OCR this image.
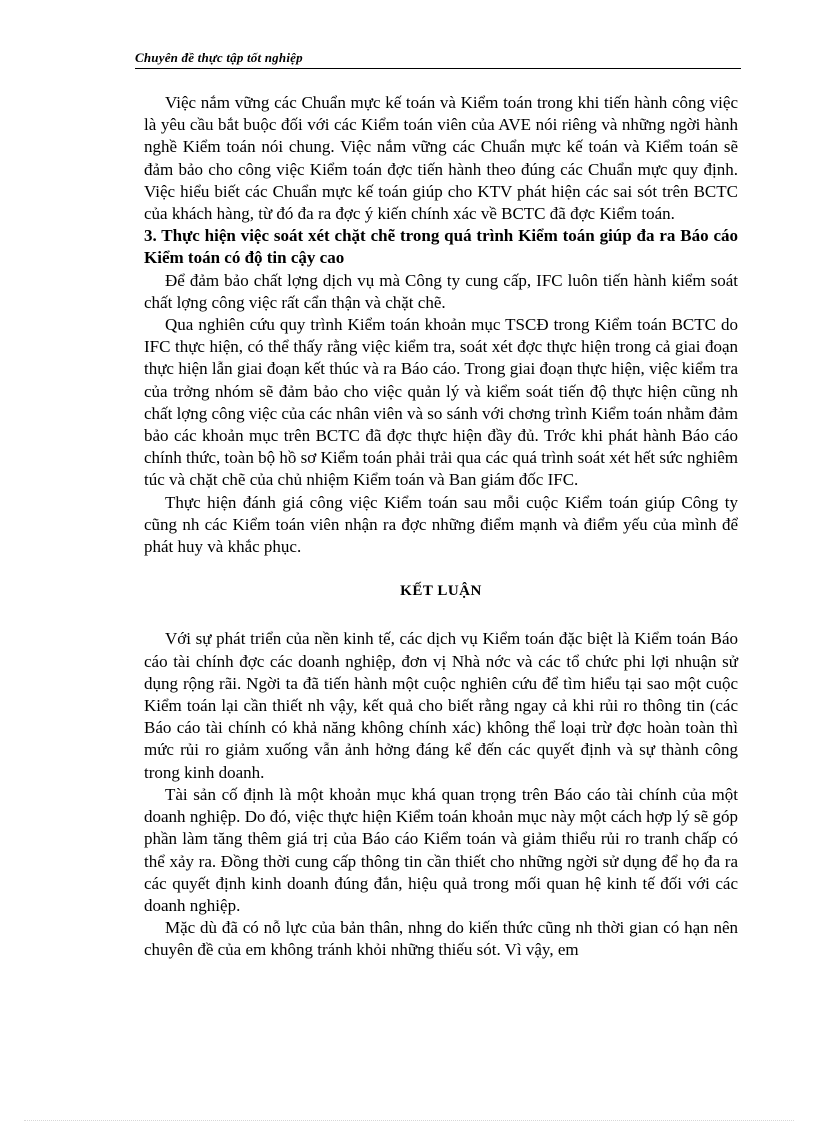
Chuyên đề thực tập tốt nghiệp

Việc nắm vững các Chuẩn mực kế toán và Kiểm toán trong khi tiến hành công việc là yêu cầu bắt buộc đối với các Kiểm toán viên của AVE nói riêng và những ngời hành nghề Kiểm toán nói chung. Việc nắm vững các Chuẩn mực kế toán và Kiểm toán sẽ đảm bảo cho công việc Kiểm toán đợc tiến hành theo đúng các Chuẩn mực quy định. Việc hiểu biết các Chuẩn mực kế toán giúp cho KTV phát hiện các sai sót trên BCTC của khách hàng, từ đó đa ra đợc ý kiến chính xác về BCTC đã đợc Kiểm toán.

3. Thực hiện việc soát xét chặt chẽ trong quá trình Kiểm toán giúp đa ra Báo cáo Kiểm toán có độ tin cậy cao

Để đảm bảo chất lợng dịch vụ mà Công ty cung cấp, IFC luôn tiến hành kiểm soát chất lợng công việc rất cẩn thận và chặt chẽ.

Qua nghiên cứu quy trình Kiểm toán khoản mục TSCĐ trong Kiểm toán BCTC do IFC thực hiện, có thể thấy rằng việc kiểm tra, soát xét đợc thực hiện trong cả giai đoạn thực hiện lẫn giai đoạn kết thúc và ra Báo cáo. Trong giai đoạn thực hiện, việc kiểm tra của trởng nhóm sẽ đảm bảo cho việc quản lý và kiểm soát tiến độ thực hiện cũng nh chất lợng công việc của các nhân viên và so sánh với chơng trình Kiểm toán nhằm đảm bảo các khoản mục trên BCTC đã đợc thực hiện đầy đủ. Trớc khi phát hành Báo cáo chính thức, toàn bộ hồ sơ Kiểm toán phải trải qua các quá trình soát xét hết sức nghiêm túc và chặt chẽ của chủ nhiệm Kiểm toán và Ban giám đốc IFC.

Thực hiện đánh giá công việc Kiểm toán sau mỗi cuộc Kiểm toán giúp Công ty cũng nh các Kiểm toán viên nhận ra đợc những điểm mạnh và điểm yếu của mình để phát huy và khắc phục.

KẾT LUẬN

Với sự phát triển của nền kinh tế, các dịch vụ Kiểm toán đặc biệt là Kiểm toán Báo cáo tài chính đợc các doanh nghiệp, đơn vị Nhà nớc và các tổ chức phi lợi nhuận sử dụng rộng rãi. Ngời ta đã tiến hành một cuộc nghiên cứu để tìm hiểu tại sao một cuộc Kiểm toán lại cần thiết nh vậy, kết quả cho biết rằng ngay cả khi rủi ro thông tin (các Báo cáo tài chính có khả năng không chính xác) không thể loại trừ đợc hoàn toàn thì mức rủi ro giảm xuống vẫn ảnh hởng đáng kể đến các quyết định và sự thành công trong kinh doanh.

Tài sản cố định là một khoản mục khá quan trọng trên Báo cáo tài chính của một doanh nghiệp. Do đó, việc thực hiện Kiểm toán khoản mục này một cách hợp lý sẽ góp phần làm tăng thêm giá trị của Báo cáo Kiểm toán và giảm thiểu rủi ro tranh chấp có thể xảy ra. Đồng thời cung cấp thông tin cần thiết cho những ngời sử dụng để họ đa ra các quyết định kinh doanh đúng đắn, hiệu quả trong mối quan hệ kinh tế đối với các doanh nghiệp.

Mặc dù đã có nỗ lực của bản thân, nhng do kiến thức cũng nh thời gian có hạn nên chuyên đề của em không tránh khỏi những thiếu sót. Vì vậy, em
